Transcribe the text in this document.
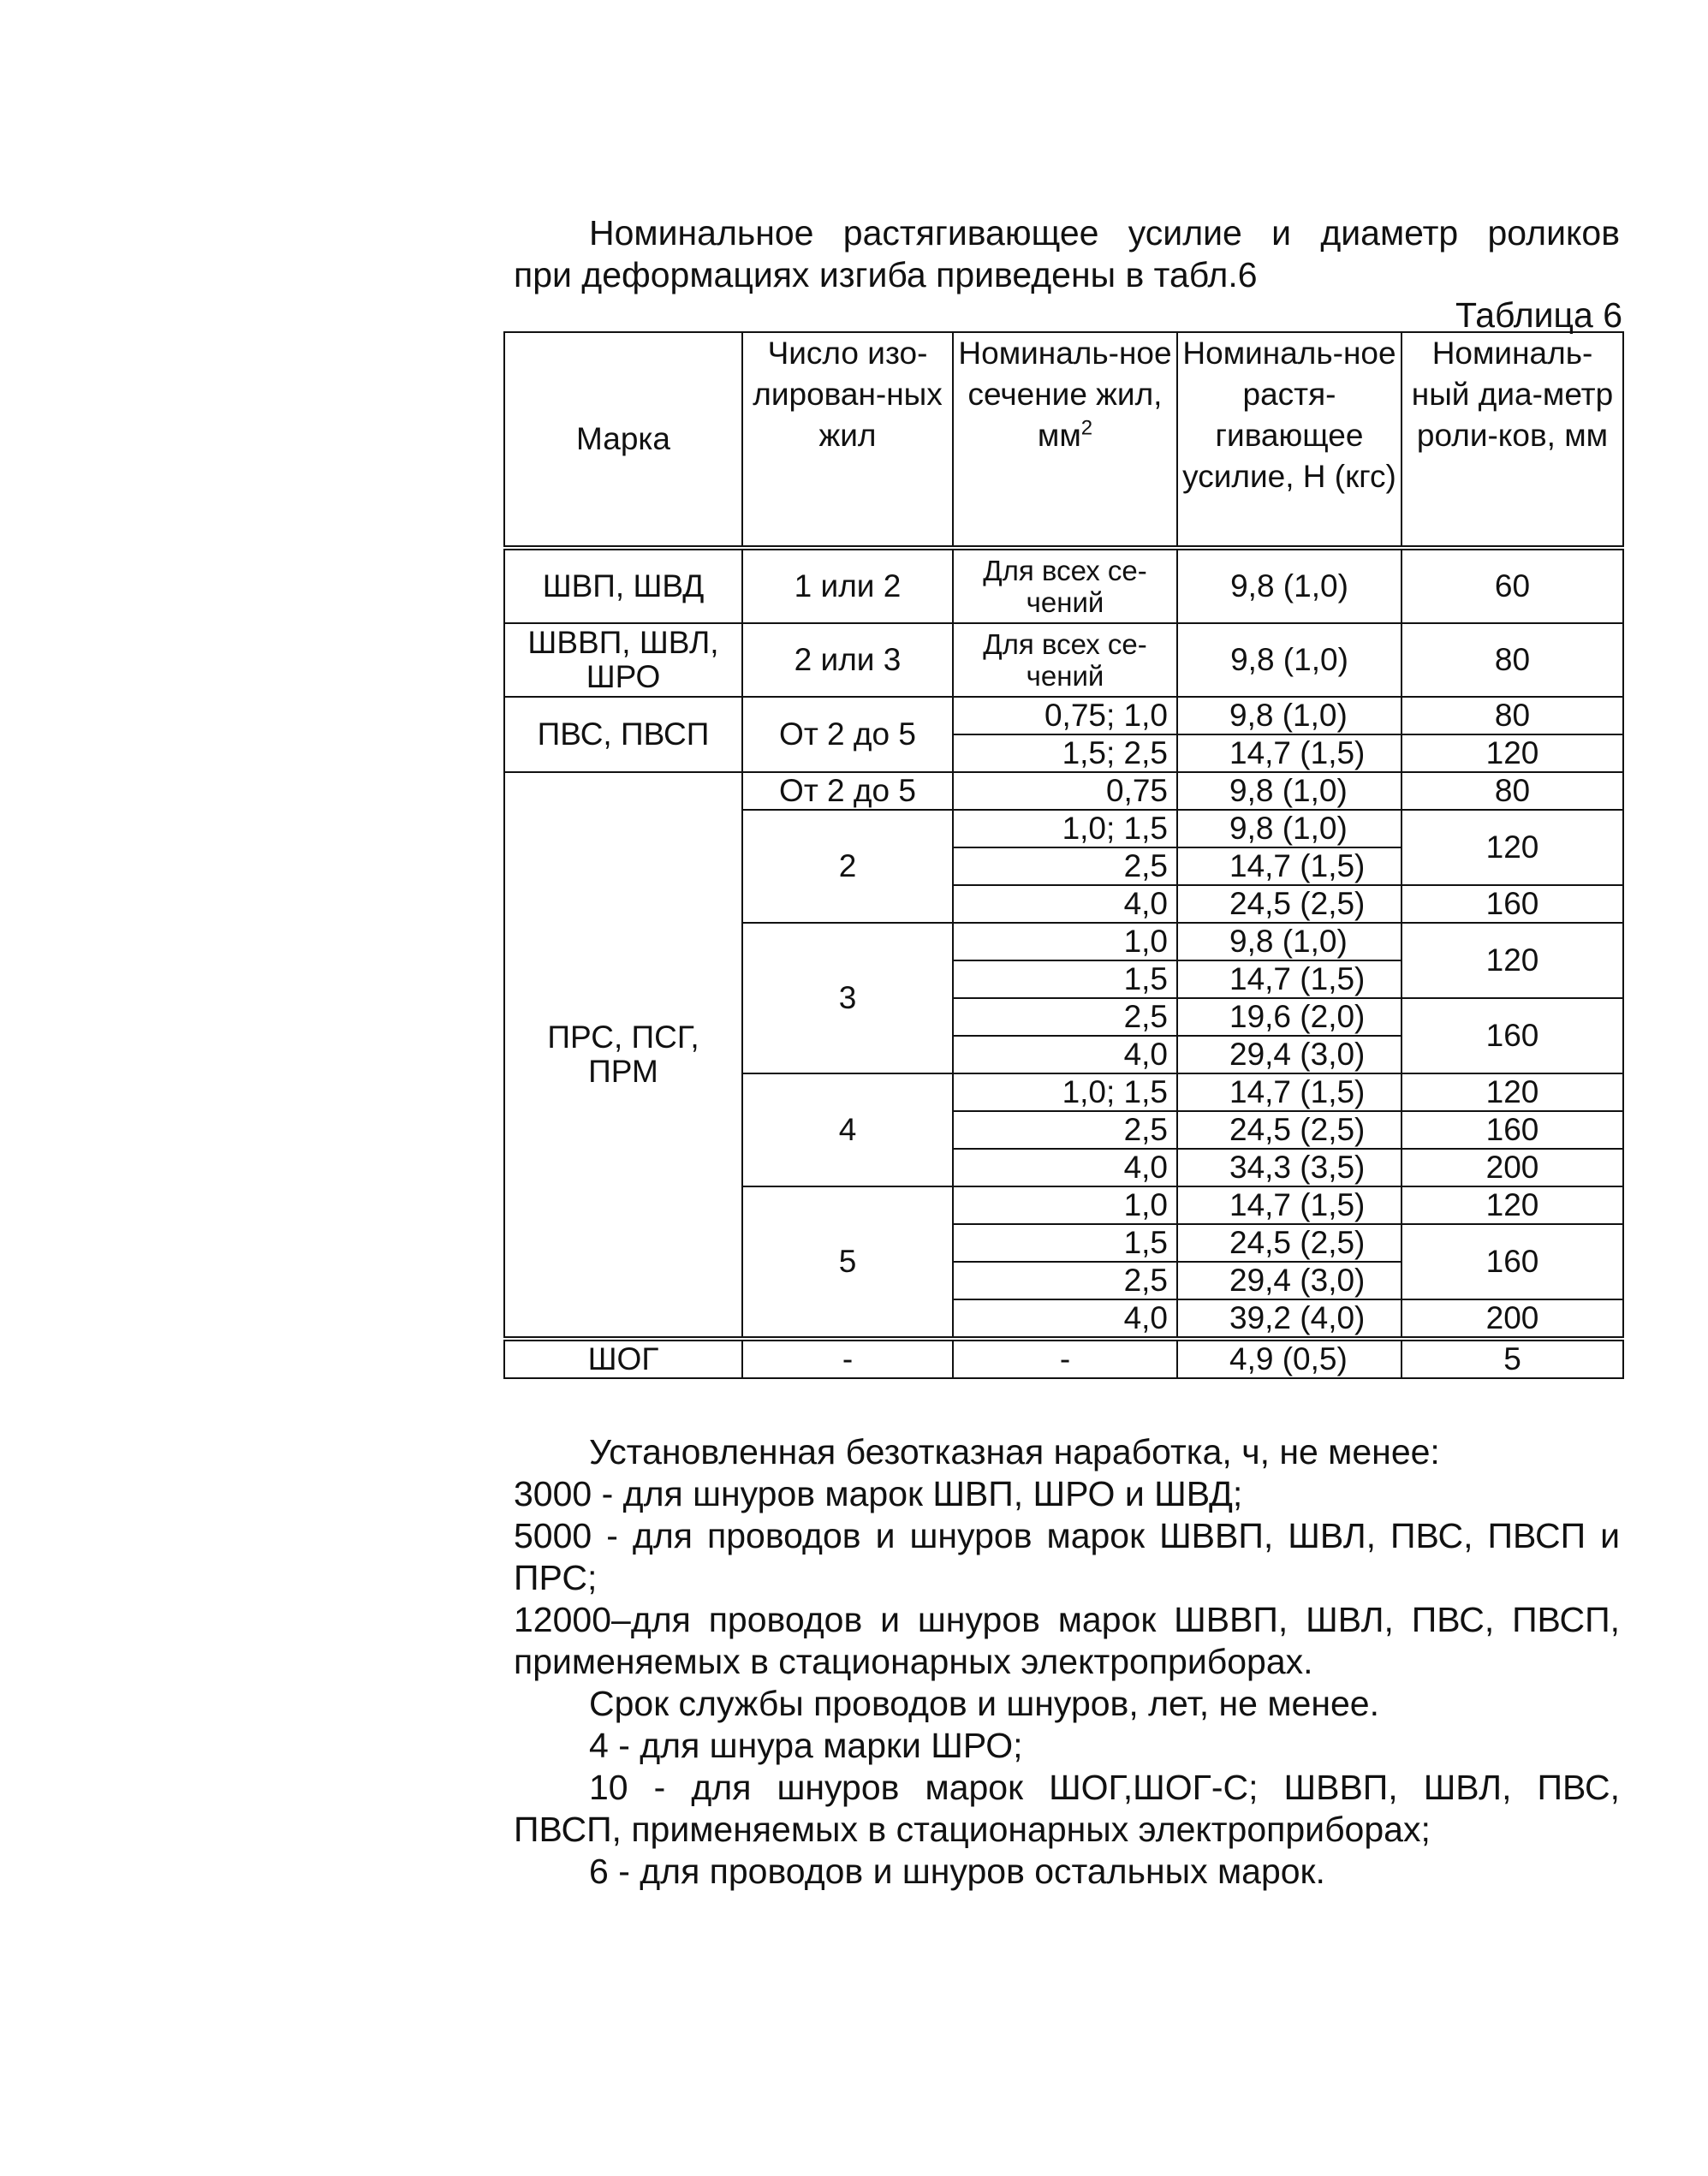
Номинальное растягивающее усилие и диаметр роликов

при деформациях изгиба приведены в табл.6

Таблица 6
Марка	Число изо-лирован-ных жил	Номиналь-ное сечение жил, $мм^2$	Номиналь-ное растя-гивающее усилие, Н (кгс)	Номиналь-ный диа-метр роли-ков, мм
ШВП, ШВД	1 или 2	Для всех се-чений	9,8 (1,0)	60
ШВВП, ШВЛ, ШРО	2 или 3	Для всех се-чений	9,8 (1,0)	80
ПВС, ПВСП	От 2 до 5	0,75; 1,0	9,8 (1,0)	80
		1,5; 2,5	14,7 (1,5)	120
ПРС, ПСГ, ПРМ	От 2 до 5	0,75	9,8 (1,0)	80
	2	1,0; 1,5	9,8 (1,0)	120
		2,5	14,7 (1,5)	
		4,0	24,5 (2,5)	160
	3	1,0	9,8 (1,0)	120
		1,5	14,7 (1,5)	
		2,5	19,6 (2,0)	160
		4,0	29,4 (3,0)	
	4	1,0; 1,5	14,7 (1,5)	120
		2,5	24,5 (2,5)	160
		4,0	34,3 (3,5)	200
	5	1,0	14,7 (1,5)	120
		1,5	24,5 (2,5)	160
		2,5	29,4 (3,0)	
		4,0	39,2 (4,0)	200
ШОГ	-	-	4,9 (0,5)	5

Установленная безотказная наработка, ч, не менее:

3000 - для шнуров марок ШВП, ШРО и ШВД;

5000 - для проводов и шнуров марок ШВВП, ШВЛ, ПВС, ПВСП и

ПРС;

12000–для проводов и шнуров марок ШВВП, ШВЛ, ПВС, ПВСП,

применяемых в стационарных электроприборах.

Срок службы проводов и шнуров, лет, не менее.

4 - для шнура марки ШРО;

10 - для шнуров марок ШОГ,ШОГ-С; ШВВП, ШВЛ, ПВС,

ПВСП, применяемых в стационарных электроприборах;

6 - для проводов и шнуров остальных марок.
